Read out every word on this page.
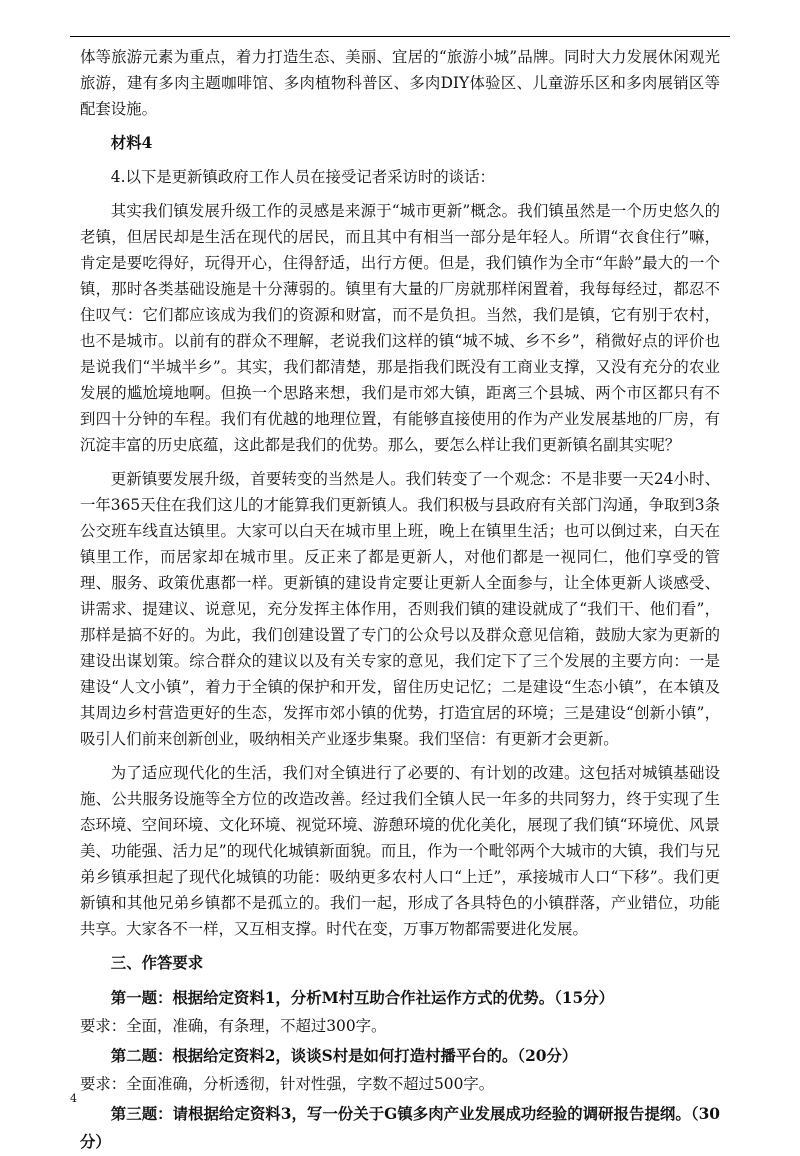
体等旅游元素为重点，着力打造生态、美丽、宜居的“旅游小城”品牌。同时大力发展休闲观光旅游，建有多肉主题咖啡馆、多肉植物科普区、多肉DIY体验区、儿童游乐区和多肉展销区等配套设施。

材料4

4.以下是更新镇政府工作人员在接受记者采访时的谈话：

其实我们镇发展升级工作的灵感是来源于“城市更新”概念。我们镇虽然是一个历史悠久的老镇，但居民却是生活在现代的居民，而且其中有相当一部分是年轻人。所谓“衣食住行”嘛，肯定是要吃得好，玩得开心，住得舒适，出行方便。但是，我们镇作为全市“年龄”最大的一个镇，那时各类基础设施是十分薄弱的。镇里有大量的厂房就那样闲置着，我每每经过，都忍不住叹气：它们都应该成为我们的资源和财富，而不是负担。当然，我们是镇，它有别于农村，也不是城市。以前有的群众不理解，老说我们这样的镇“城不城、乡不乡”，稍微好点的评价也是说我们“半城半乡”。其实，我们都清楚，那是指我们既没有工商业支撑，又没有充分的农业发展的尴尬境地啊。但换一个思路来想，我们是市郊大镇，距离三个县城、两个市区都只有不到四十分钟的车程。我们有优越的地理位置，有能够直接使用的作为产业发展基地的厂房，有沉淀丰富的历史底蕴，这此都是我们的优势。那么，要怎么样让我们更新镇名副其实呢？

更新镇要发展升级，首要转变的当然是人。我们转变了一个观念：不是非要一天24小时、一年365天住在我们这儿的才能算我们更新镇人。我们积极与县政府有关部门沟通，争取到3条公交班车线直达镇里。大家可以白天在城市里上班，晚上在镇里生活；也可以倒过来，白天在镇里工作，而居家却在城市里。反正来了都是更新人，对他们都是一视同仁，他们享受的管理、服务、政策优惠都一样。更新镇的建设肯定要让更新人全面参与，让全体更新人谈感受、讲需求、提建议、说意见，充分发挥主体作用，否则我们镇的建设就成了“我们干、他们看”，那样是搞不好的。为此，我们创建设置了专门的公众号以及群众意见信箱，鼓励大家为更新的建设出谋划策。综合群众的建议以及有关专家的意见，我们定下了三个发展的主要方向：一是建设“人文小镇”，着力于全镇的保护和开发，留住历史记忆；二是建设“生态小镇”，在本镇及其周边乡村营造更好的生态，发挥市郊小镇的优势，打造宜居的环境；三是建设“创新小镇”，吸引人们前来创新创业，吸纳相关产业逐步集聚。我们坚信：有更新才会更新。

为了适应现代化的生活，我们对全镇进行了必要的、有计划的改建。这包括对城镇基础设施、公共服务设施等全方位的改造改善。经过我们全镇人民一年多的共同努力，终于实现了生态环境、空间环境、文化环境、视觉环境、游憩环境的优化美化，展现了我们镇“环境优、风景美、功能强、活力足”的现代化城镇新面貌。而且，作为一个毗邻两个大城市的大镇，我们与兄弟乡镇承担起了现代化城镇的功能：吸纳更多农村人口“上迁”，承接城市人口“下移”。我们更新镇和其他兄弟乡镇都不是孤立的。我们一起，形成了各具特色的小镇群落，产业错位，功能共享。大家各不一样，又互相支撑。时代在变，万事万物都需要进化发展。

三、作答要求

第一题：根据给定资料1，分析M村互助合作社运作方式的优势。（15分）

要求：全面，准确，有条理，不超过300字。

第二题：根据给定资料2，谈谈S村是如何打造村播平台的。（20分）

要求：全面准确，分析透彻，针对性强，字数不超过500字。

第三题：请根据给定资料3，写一份关于G镇多肉产业发展成功经验的调研报告提纲。（30分）

4
